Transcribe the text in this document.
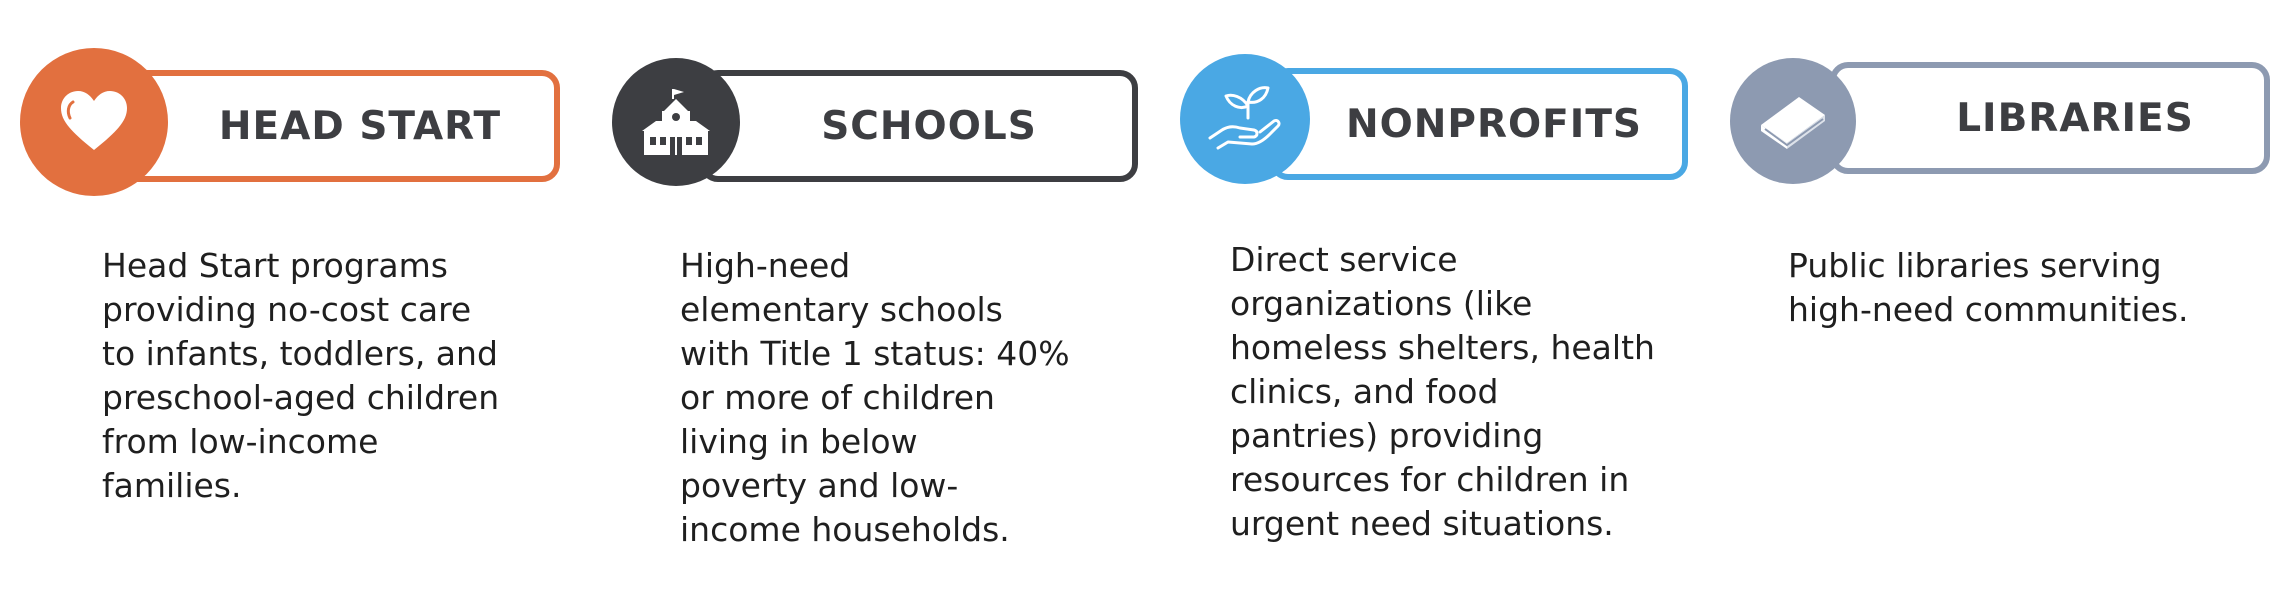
HEAD START

Head Start programs
providing no-cost care
to infants, toddlers, and
preschool-aged children
from low-income
families.

SCHOOLS

High-need
elementary schools
with Title 1 status: 40%
or more of children
living in below
poverty and low-
income households.

NONPROFITS

Direct service
organizations (like
homeless shelters, health
clinics, and food
pantries) providing
resources for children in
urgent need situations.

LIBRARIES

Public libraries serving
high-need communities.
